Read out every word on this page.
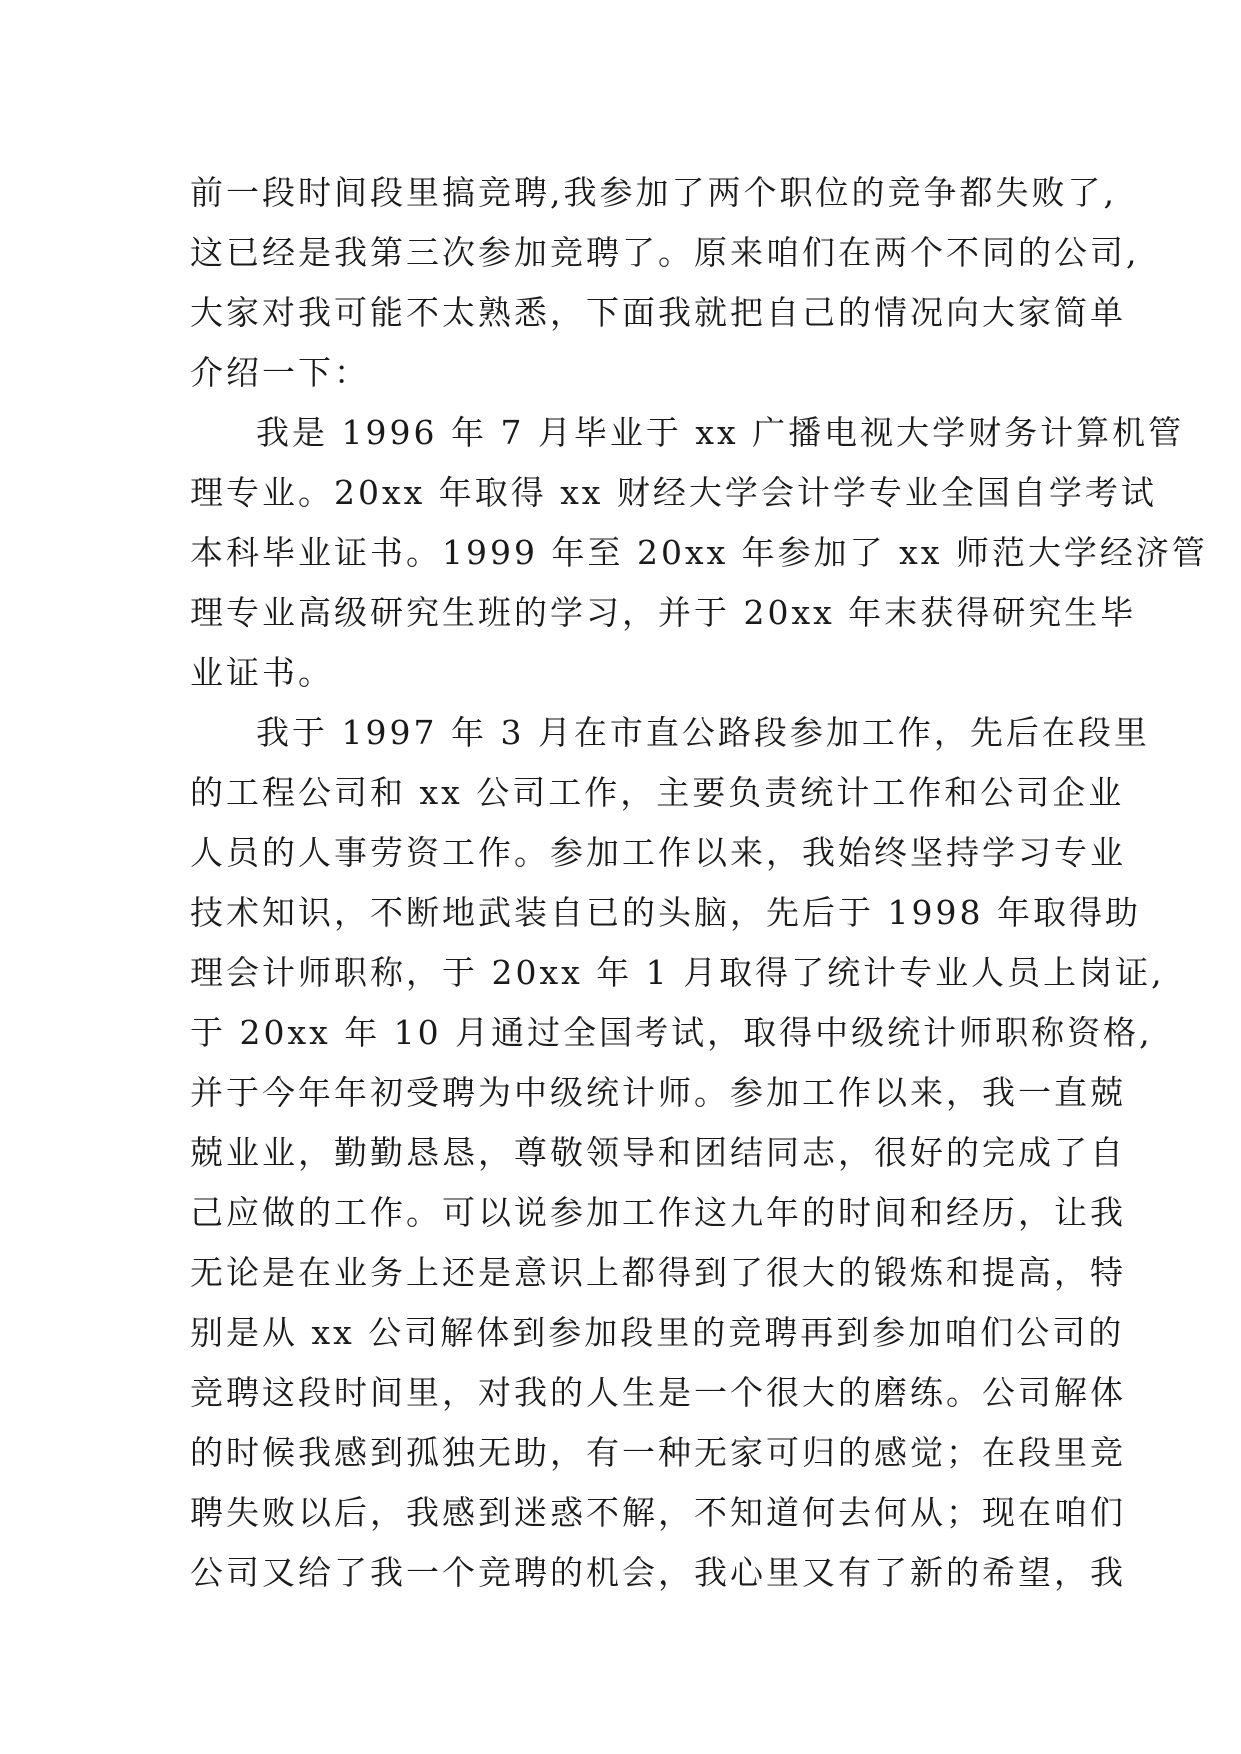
前一段时间段里搞竞聘,我参加了两个职位的竞争都失败了,
这已经是我第三次参加竞聘了。原来咱们在两个不同的公司,
大家对我可能不太熟悉，下面我就把自己的情况向大家简单
介绍一下：
我是 1996 年 7 月毕业于 xx 广播电视大学财务计算机管
理专业。20xx 年取得 xx 财经大学会计学专业全国自学考试
本科毕业证书。1999 年至 20xx 年参加了 xx 师范大学经济管
理专业高级研究生班的学习，并于 20xx 年末获得研究生毕
业证书。
我于 1997 年 3 月在市直公路段参加工作，先后在段里
的工程公司和 xx 公司工作，主要负责统计工作和公司企业
人员的人事劳资工作。参加工作以来，我始终坚持学习专业
技术知识，不断地武装自已的头脑，先后于 1998 年取得助
理会计师职称，于 20xx 年 1 月取得了统计专业人员上岗证,
于 20xx 年 10 月通过全国考试，取得中级统计师职称资格,
并于今年年初受聘为中级统计师。参加工作以来，我一直兢
兢业业，勤勤恳恳，尊敬领导和团结同志，很好的完成了自
己应做的工作。可以说参加工作这九年的时间和经历，让我
无论是在业务上还是意识上都得到了很大的锻炼和提高，特
别是从 xx 公司解体到参加段里的竞聘再到参加咱们公司的
竞聘这段时间里，对我的人生是一个很大的磨练。公司解体
的时候我感到孤独无助，有一种无家可归的感觉；在段里竞
聘失败以后，我感到迷惑不解，不知道何去何从；现在咱们
公司又给了我一个竞聘的机会，我心里又有了新的希望，我
